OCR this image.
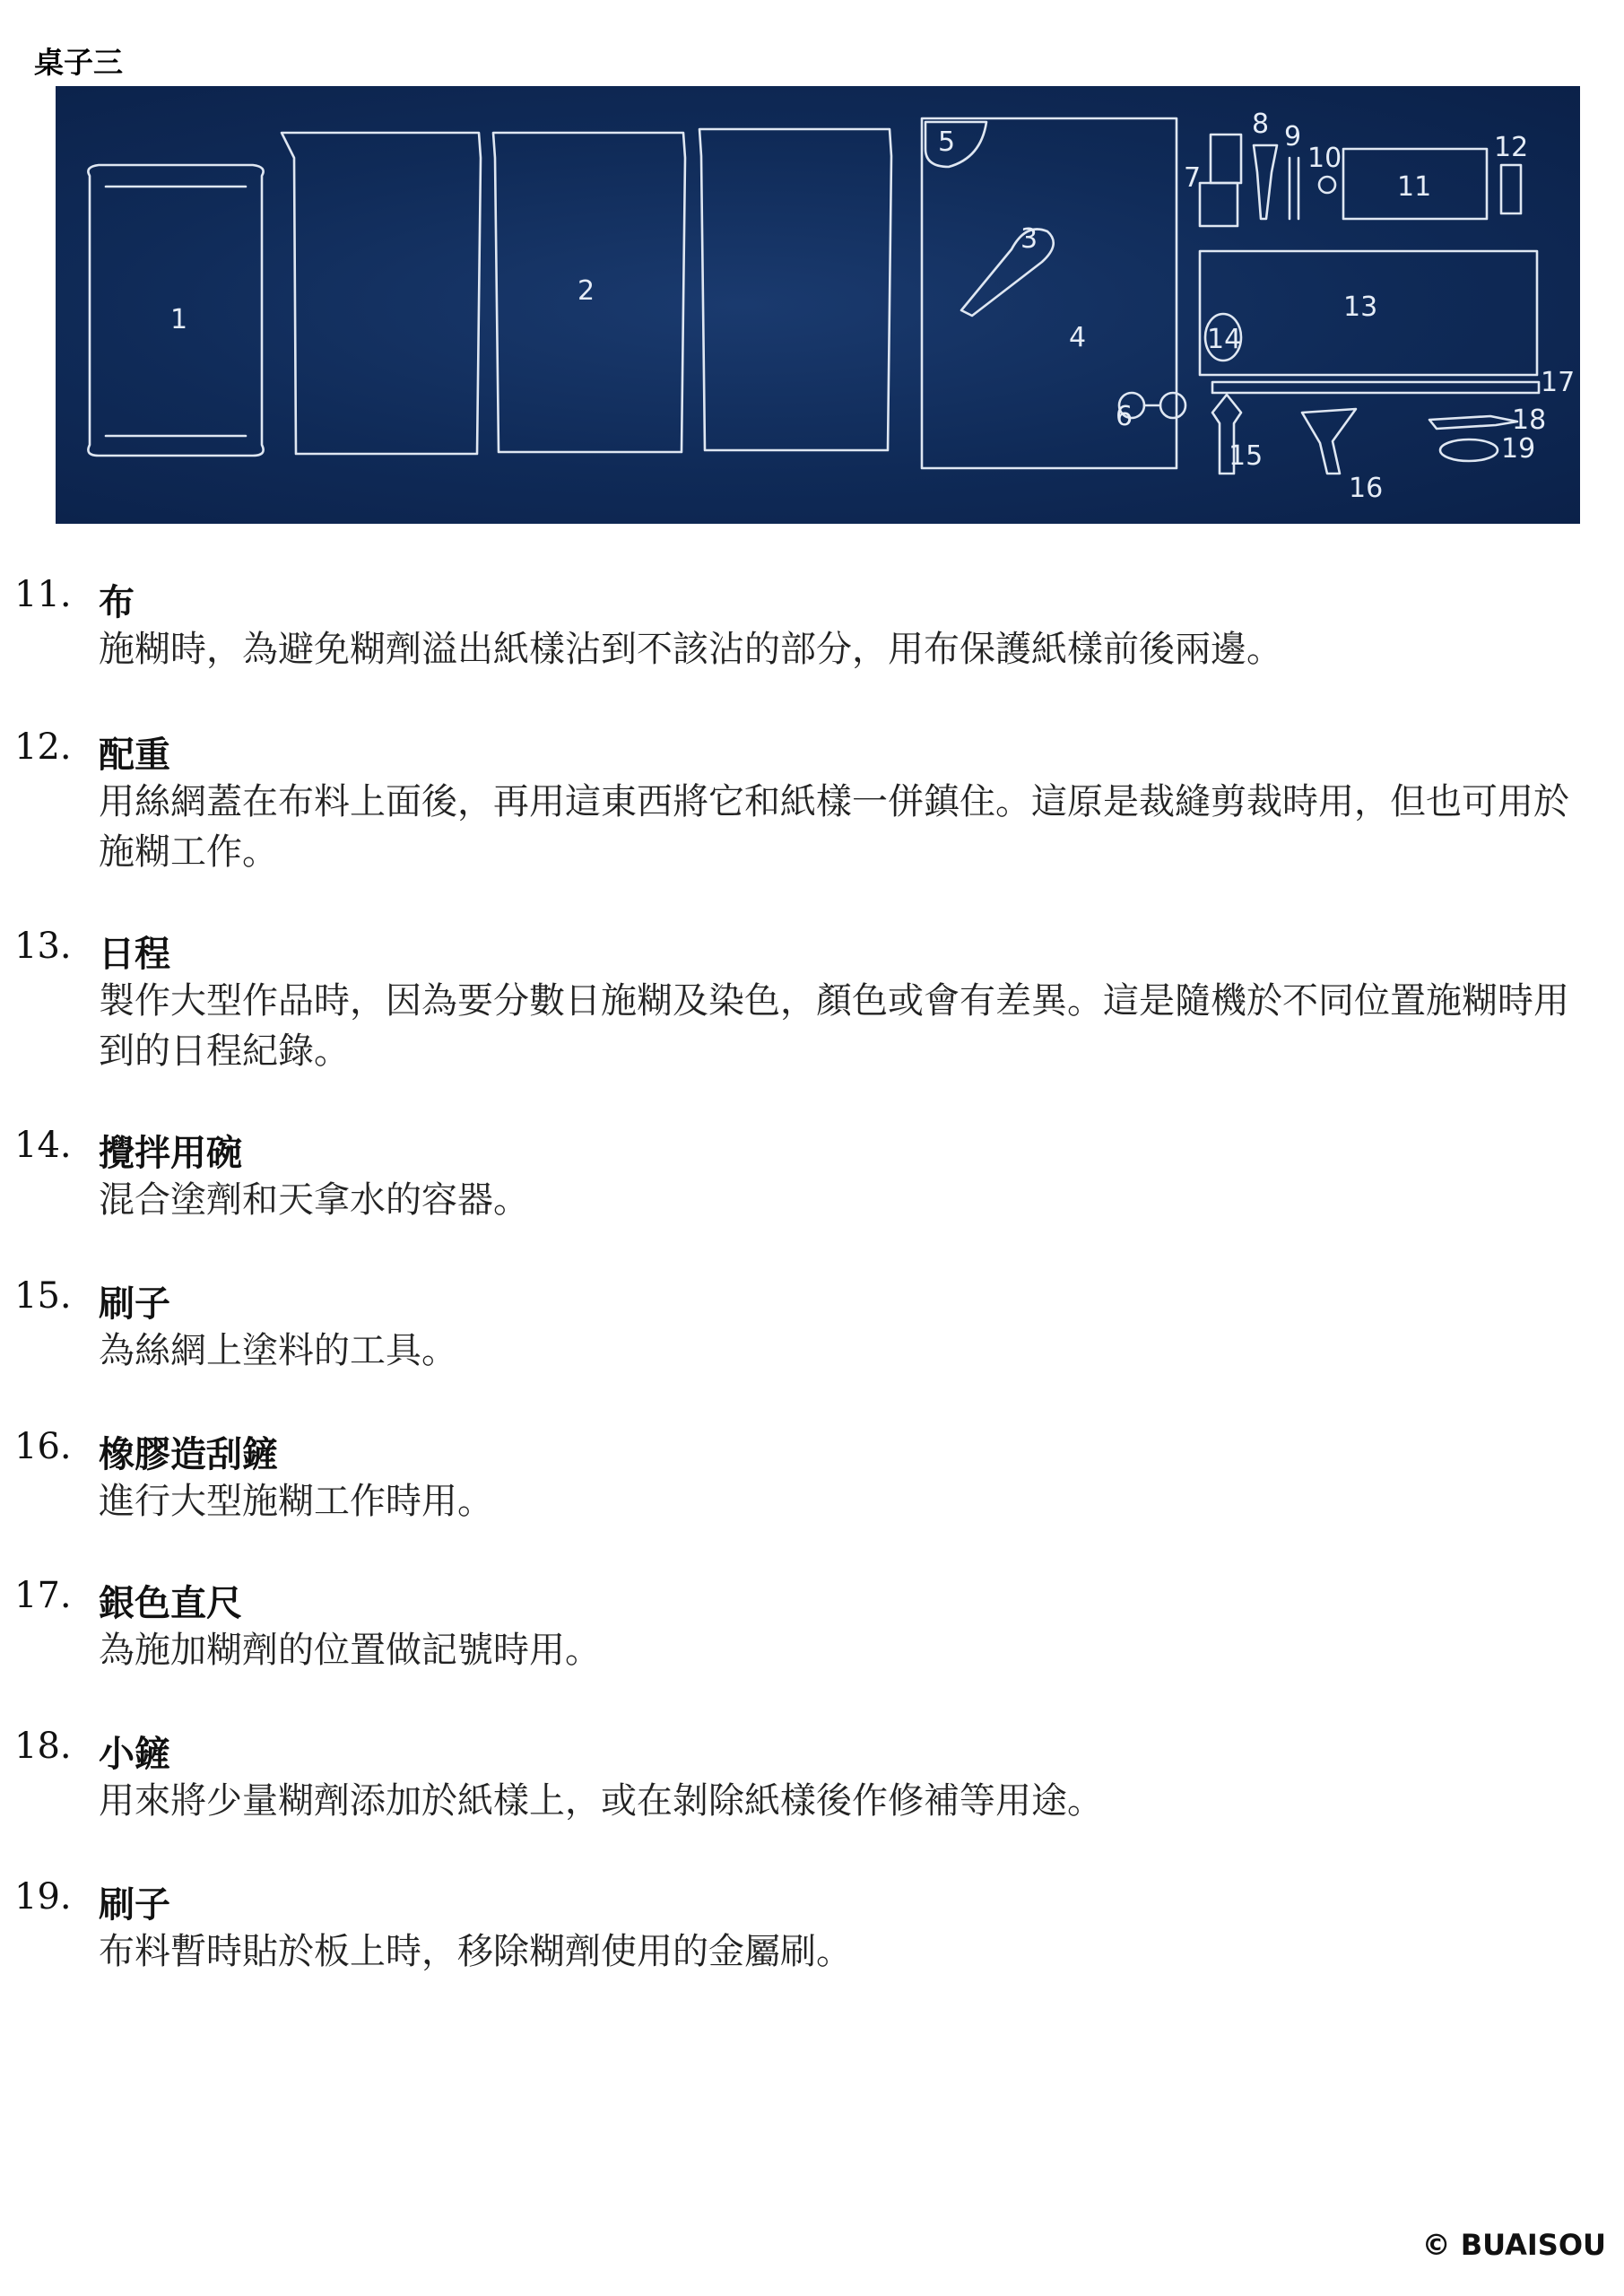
桌子三
1
2
3
4
5
6
7
8 9
10
11
12
13
14
15
16
17
18
19
11. 布
施糊時，為避免糊劑溢出紙樣沾到不該沾的部分，用布保護紙樣前後兩邊。
12. 配重
用絲網蓋在布料上面後，再用這東西將它和紙樣一併鎮住。這原是裁縫剪裁時用，但也可用於施糊工作。
13. 日程
製作大型作品時，因為要分數日施糊及染色，顏色或會有差異。這是隨機於不同位置施糊時用到的日程紀錄。
14. 攪拌用碗
混合塗劑和天拿水的容器。
15. 刷子
為絲網上塗料的工具。
16. 橡膠造刮鏟
進行大型施糊工作時用。
17. 銀色直尺
為施加糊劑的位置做記號時用。
18. 小鏟
用來將少量糊劑添加於紙樣上，或在剝除紙樣後作修補等用途。
19. 刷子
布料暫時貼於板上時，移除糊劑使用的金屬刷。
© BUAISOU
